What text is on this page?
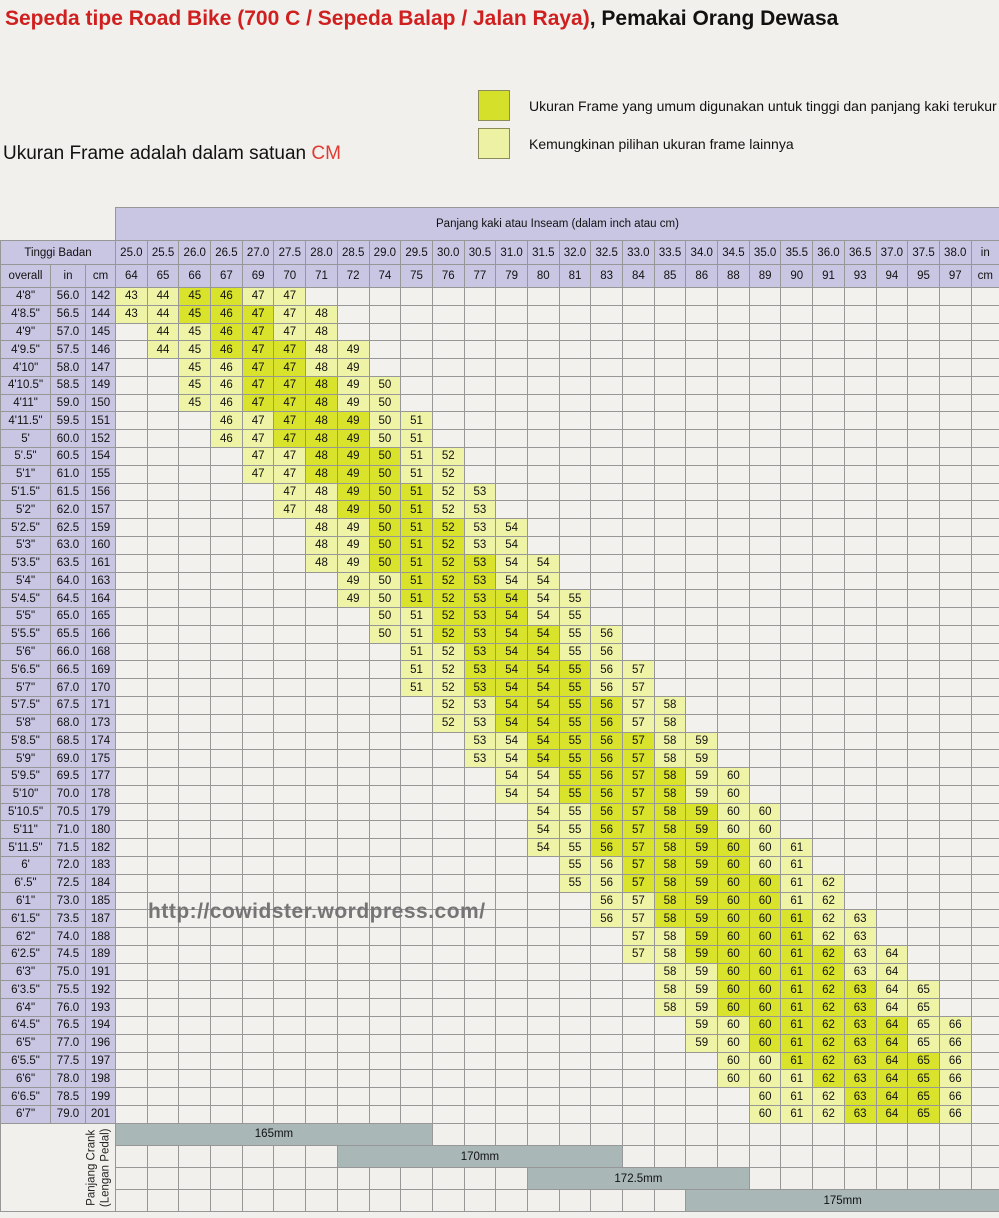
Sepeda tipe Road Bike (700 C / Sepeda Balap / Jalan Raya), Pemakai Orang Dewasa
Ukuran Frame yang umum digunakan untuk tinggi dan panjang kaki terukur
Kemungkinan pilihan ukuran frame lainnya
Ukuran Frame adalah dalam satuan CM
			Panjang kaki atau Inseam (dalam inch atau cm)																											
Tinggi Badan			25.0	25.5	26.0	26.5	27.0	27.5	28.0	28.5	29.0	29.5	30.0	30.5	31.0	31.5	32.0	32.5	33.0	33.5	34.0	34.5	35.0	35.5	36.0	36.5	37.0	37.5	38.0	in
overall	in	cm	64	65	66	67	69	70	71	72	74	75	76	77	79	80	81	83	84	85	86	88	89	90	91	93	94	95	97	cm
4'8"	56.0	142	43	44	45	46	47	47																						
4'8.5"	56.5	144	43	44	45	46	47	47	48																					
4'9"	57.0	145		44	45	46	47	47	48																					
4'9.5"	57.5	146		44	45	46	47	47	48	49																				
4'10"	58.0	147			45	46	47	47	48	49																				
4'10.5"	58.5	149			45	46	47	47	48	49	50																			
4'11"	59.0	150			45	46	47	47	48	49	50																			
4'11.5"	59.5	151				46	47	47	48	49	50	51																		
5'	60.0	152				46	47	47	48	49	50	51																		
5'.5"	60.5	154					47	47	48	49	50	51	52																	
5'1"	61.0	155					47	47	48	49	50	51	52																	
5'1.5"	61.5	156						47	48	49	50	51	52	53																
5'2"	62.0	157						47	48	49	50	51	52	53																
5'2.5"	62.5	159							48	49	50	51	52	53	54															
5'3"	63.0	160							48	49	50	51	52	53	54															
5'3.5"	63.5	161							48	49	50	51	52	53	54	54														
5'4"	64.0	163								49	50	51	52	53	54	54														
5'4.5"	64.5	164								49	50	51	52	53	54	54	55													
5'5"	65.0	165									50	51	52	53	54	54	55													
5'5.5"	65.5	166									50	51	52	53	54	54	55	56												
5'6"	66.0	168										51	52	53	54	54	55	56												
5'6.5"	66.5	169										51	52	53	54	54	55	56	57											
5'7"	67.0	170										51	52	53	54	54	55	56	57											
5'7.5"	67.5	171											52	53	54	54	55	56	57	58										
5'8"	68.0	173											52	53	54	54	55	56	57	58										
5'8.5"	68.5	174												53	54	54	55	56	57	58	59									
5'9"	69.0	175												53	54	54	55	56	57	58	59									
5'9.5"	69.5	177													54	54	55	56	57	58	59	60								
5'10"	70.0	178													54	54	55	56	57	58	59	60								
5'10.5"	70.5	179														54	55	56	57	58	59	60	60							
5'11"	71.0	180														54	55	56	57	58	59	60	60							
5'11.5"	71.5	182														54	55	56	57	58	59	60	60	61						
6'	72.0	183															55	56	57	58	59	60	60	61						
6'.5"	72.5	184															55	56	57	58	59	60	60	61	62					
6'1"	73.0	185																56	57	58	59	60	60	61	62					
6'1.5"	73.5	187																56	57	58	59	60	60	61	62	63				
6'2"	74.0	188																	57	58	59	60	60	61	62	63				
6'2.5"	74.5	189																	57	58	59	60	60	61	62	63	64			
6'3"	75.0	191																		58	59	60	60	61	62	63	64			
6'3.5"	75.5	192																		58	59	60	60	61	62	63	64	65		
6'4"	76.0	193																		58	59	60	60	61	62	63	64	65		
6'4.5"	76.5	194																			59	60	60	61	62	63	64	65	66	
6'5"	77.0	196																			59	60	60	61	62	63	64	65	66	
6'5.5"	77.5	197																				60	60	61	62	63	64	65	66	
6'6"	78.0	198																				60	60	61	62	63	64	65	66	
6'6.5"	78.5	199																					60	61	62	63	64	65	66	
6'7"	79.0	201																					60	61	62	63	64	65	66	

Panjang Crank (Lengan Pedal)			165mm																											
										170mm																				
																172.5mm														
																					175mm									
http://cowidster.wordpress.com/
